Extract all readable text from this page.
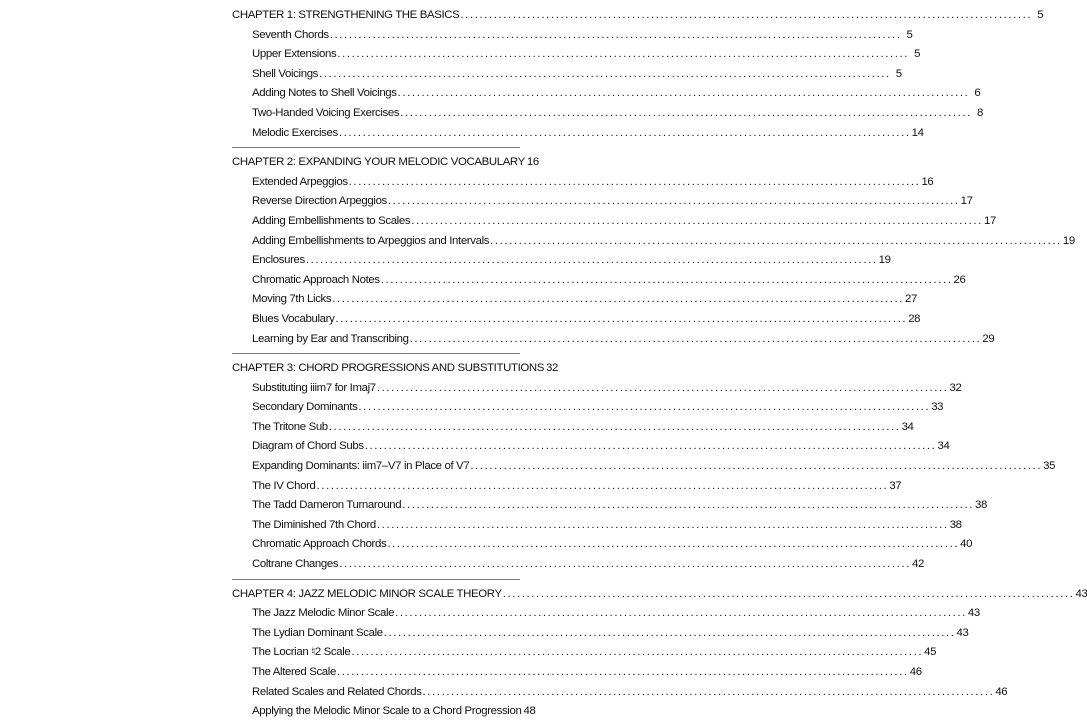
CHAPTER 1: STRENGTHENING THE BASICS ........................................................................................................................ 5
Seventh Chords ........................................................................................................................ 5
Upper Extensions ........................................................................................................................ 5
Shell Voicings ........................................................................................................................ 5
Adding Notes to Shell Voicings ........................................................................................................................ 6
Two-Handed Voicing Exercises ........................................................................................................................ 8
Melodic Exercises ........................................................................................................................ 14
CHAPTER 2: EXPANDING YOUR MELODIC VOCABULARY 16
Extended Arpeggios ........................................................................................................................ 16
Reverse Direction Arpeggios ........................................................................................................................ 17
Adding Embellishments to Scales ........................................................................................................................ 17
Adding Embellishments to Arpeggios and Intervals ........................................................................................................................ 19
Enclosures ........................................................................................................................ 19
Chromatic Approach Notes ........................................................................................................................ 26
Moving 7th Licks ........................................................................................................................ 27
Blues Vocabulary ........................................................................................................................ 28
Learning by Ear and Transcribing ........................................................................................................................ 29
CHAPTER 3: CHORD PROGRESSIONS AND SUBSTITUTIONS 32
Substituting iiim7 for Imaj7 ........................................................................................................................ 32
Secondary Dominants ........................................................................................................................ 33
The Tritone Sub ........................................................................................................................ 34
Diagram of Chord Subs ........................................................................................................................ 34
Expanding Dominants: iim7–V7 in Place of V7 ........................................................................................................................ 35
The IV Chord ........................................................................................................................ 37
The Tadd Dameron Turnaround ........................................................................................................................ 38
The Diminished 7th Chord ........................................................................................................................ 38
Chromatic Approach Chords ........................................................................................................................ 40
Coltrane Changes ........................................................................................................................ 42
CHAPTER 4: JAZZ MELODIC MINOR SCALE THEORY ........................................................................................................................ 43
The Jazz Melodic Minor Scale ........................................................................................................................ 43
The Lydian Dominant Scale ........................................................................................................................ 43
The Locrian ♮2 Scale ........................................................................................................................ 45
The Altered Scale ........................................................................................................................ 46
Related Scales and Related Chords ........................................................................................................................ 46
Applying the Melodic Minor Scale to a Chord Progression 48
